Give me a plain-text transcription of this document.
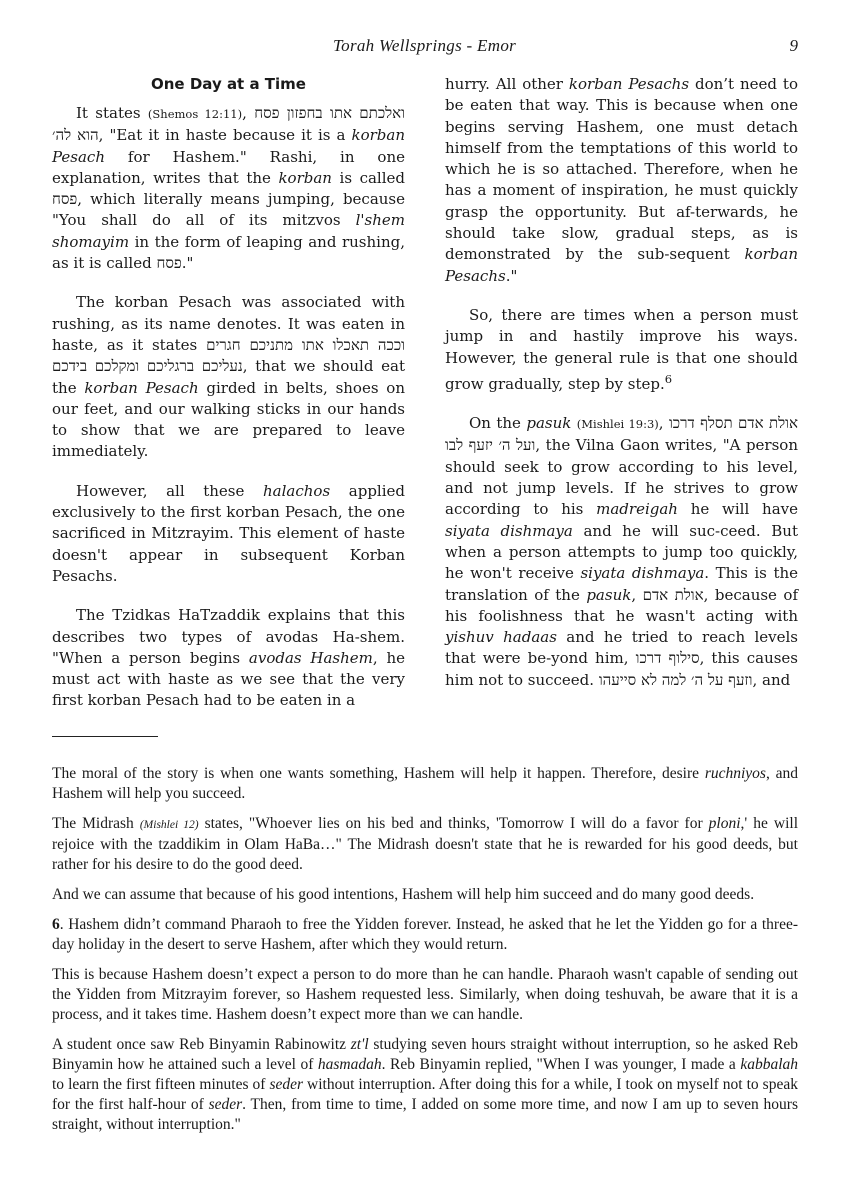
Torah Wellsprings - Emor	9
One Day at a Time

It states (Shemos 12:11), ואלכתם אתו בחפזון פסח הוא לה׳, "Eat it in haste because it is a korban Pesach for Hashem." Rashi, in one explanation, writes that the korban is called פסח, which literally means jumping, because "You shall do all of its mitzvos l'shem shomayim in the form of leaping and rushing, as it is called פסח."

The korban Pesach was associated with rushing, as its name denotes. It was eaten in haste, as it states וככה תאכלו אתו מתניכם חגרים נעליכם ברגליכם ומקלכם בידכם, that we should eat the korban Pesach girded in belts, shoes on our feet, and our walking sticks in our hands to show that we are prepared to leave immediately.

However, all these halachos applied exclusively to the first korban Pesach, the one sacrificed in Mitzrayim. This element of haste doesn't appear in subsequent Korban Pesachs.

The Tzidkas HaTzaddik explains that this describes two types of avodas Ha-shem. "When a person begins avodas Hashem, he must act with haste as we see that the very first korban Pesach had to be eaten in a

hurry. All other korban Pesachs don’t need to be eaten that way. This is because when one begins serving Hashem, one must detach himself from the temptations of this world to which he is so attached. Therefore, when he has a moment of inspiration, he must quickly grasp the opportunity. But af-terwards, he should take slow, gradual steps, as is demonstrated by the sub-sequent korban Pesachs."

So, there are times when a person must jump in and hastily improve his ways. However, the general rule is that one should grow gradually, step by step.$^6$

On the pasuk (Mishlei 19:3), אולת אדם תסלף דרכו ועל ה׳ יזעף לבו, the Vilna Gaon writes, "A person should seek to grow according to his level, and not jump levels. If he strives to grow according to his madreigah he will have siyata dishmaya and he will suc-ceed. But when a person attempts to jump too quickly, he won't receive siyata dishmaya. This is the translation of the pasuk, אולת אדם, because of his foolishness that he wasn't acting with yishuv hadaas and he tried to reach levels that were be-yond him, סילוף דרכו, this causes him not to succeed. וזעף על ה׳ למה לא סייעהו, and

The moral of the story is when one wants something, Hashem will help it happen. Therefore, desire ruchniyos, and Hashem will help you succeed.

The Midrash (Mishlei 12) states, "Whoever lies on his bed and thinks, 'Tomorrow I will do a favor for ploni,' he will rejoice with the tzaddikim in Olam HaBa…" The Midrash doesn't state that he is rewarded for his good deeds, but rather for his desire to do the good deed.

And we can assume that because of his good intentions, Hashem will help him succeed and do many good deeds.

6. Hashem didn’t command Pharaoh to free the Yidden forever. Instead, he asked that he let the Yidden go for a three-day holiday in the desert to serve Hashem, after which they would return.

This is because Hashem doesn’t expect a person to do more than he can handle. Pharaoh wasn't capable of sending out the Yidden from Mitzrayim forever, so Hashem requested less. Similarly, when doing teshuvah, be aware that it is a process, and it takes time. Hashem doesn’t expect more than we can handle.

A student once saw Reb Binyamin Rabinowitz zt'l studying seven hours straight without interruption, so he asked Reb Binyamin how he attained such a level of hasmadah. Reb Binyamin replied, "When I was younger, I made a kabbalah to learn the first fifteen minutes of seder without interruption. After doing this for a while, I took on myself not to speak for the first half-hour of seder. Then, from time to time, I added on some more time, and now I am up to seven hours straight, without interruption."
